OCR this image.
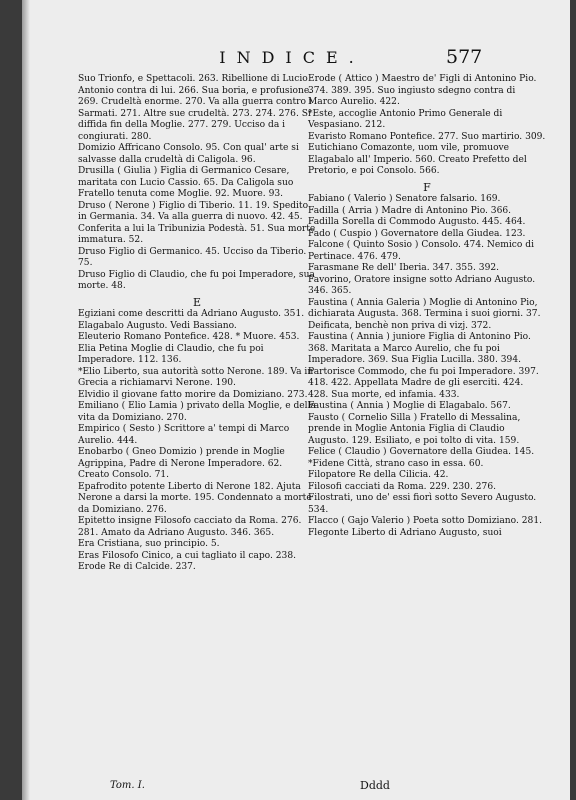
INDICE.	577

Suo Trionfo, e Spettacoli. 263. Ribellione di Lucio Antonio contra di lui. 266. Sua boria, e profusione. 269. Crudeltà enorme. 270. Va alla guerra contro i Sarmati. 271. Altre sue crudeltà. 273. 274. 276. Si diffida fin della Moglie. 277. 279. Ucciso da i congiurati. 280.

Domizio Affricano Consolo. 95. Con qual' arte si salvasse dalla crudeltà di Caligola. 96.

Drusilla ( Giulia ) Figlia di Germanico Cesare, maritata con Lucio Cassio. 65. Da Caligola suo Fratello tenuta come Moglie. 92. Muore. 93.

Druso ( Nerone ) Figlio di Tiberio. 11. 19. Spedito in Germania. 34. Va alla guerra di nuovo. 42. 45. Conferita a lui la Tribunizia Podestà. 51. Sua morte immatura. 52.

Druso Figlio di Germanico. 45. Ucciso da Tiberio. 75.

Druso Figlio di Claudio, che fu poi Imperadore, sua morte. 48.

E

Egiziani come descritti da Adriano Augusto. 351.

Elagabalo Augusto. Vedi Bassiano.

Eleuterio Romano Pontefice. 428. * Muore. 453.

Elia Petina Moglie di Claudio, che fu poi Imperadore. 112. 136.

*Elio Liberto, sua autorità sotto Nerone. 189. Va in Grecia a richiamarvi Nerone. 190.

Elvidio il giovane fatto morire da Domiziano. 273.

Emiliano ( Elio Lamia ) privato della Moglie, e della vita da Domiziano. 270.

Empirico ( Sesto ) Scrittore a' tempi di Marco Aurelio. 444.

Enobarbo ( Gneo Domizio ) prende in Moglie Agrippina, Padre di Nerone Imperadore. 62. Creato Consolo. 71.

Epafrodito potente Liberto di Nerone 182. Ajuta Nerone a darsi la morte. 195. Condennato a morte da Domiziano. 276.

Epitetto insigne Filosofo cacciato da Roma. 276. 281. Amato da Adriano Augusto. 346. 365.

Era Cristiana, suo principio. 5.

Eras Filosofo Cinico, a cui tagliato il capo. 238.

Erode Re di Calcide. 237.

Erode ( Attico ) Maestro de' Figli di Antonino Pio. 374. 389. 395. Suo ingiusto sdegno contra di Marco Aurelio. 422.

*Este, accoglie Antonio Primo Generale di Vespasiano. 212.

Evaristo Romano Pontefice. 277. Suo martirio. 309.

Eutichiano Comazonte, uom vile, promuove Elagabalo all' Imperio. 560. Creato Prefetto del Pretorio, e poi Consolo. 566.

F

Fabiano ( Valerio ) Senatore falsario. 169.

Fadilla ( Arria ) Madre di Antonino Pio. 366.

Fadilla Sorella di Commodo Augusto. 445. 464.

Fado ( Cuspio ) Governatore della Giudea. 123.

Falcone ( Quinto Sosio ) Consolo. 474. Nemico di Pertinace. 476. 479.

Farasmane Re dell' Iberia. 347. 355. 392.

Favorino, Oratore insigne sotto Adriano Augusto. 346. 365.

Faustina ( Annia Galeria ) Moglie di Antonino Pio, dichiarata Augusta. 368. Termina i suoi giorni. 37. Deificata, benchè non priva di vizj. 372.

Faustina ( Annia ) juniore Figlia di Antonino Pio. 368. Maritata a Marco Aurelio, che fu poi Imperadore. 369. Sua Figlia Lucilla. 380. 394. Partorisce Commodo, che fu poi Imperadore. 397. 418. 422. Appellata Madre de gli eserciti. 424. 428. Sua morte, ed infamia. 433.

Faustina ( Annia ) Moglie di Elagabalo. 567.

Fausto ( Cornelio Silla ) Fratello di Messalina, prende in Moglie Antonia Figlia di Claudio Augusto. 129. Esiliato, e poi tolto di vita. 159.

Felice ( Claudio ) Governatore della Giudea. 145.

*Fidene Città, strano caso in essa. 60.

Filopatore Re della Cilicia. 42.

Filosofi cacciati da Roma. 229. 230. 276.

Filostrati, uno de' essi fiorì sotto Severo Augusto. 534.

Flacco ( Gajo Valerio ) Poeta sotto Domiziano. 281.

Flegonte Liberto di Adriano Augusto, suoi

Tom. I.	Dddd
